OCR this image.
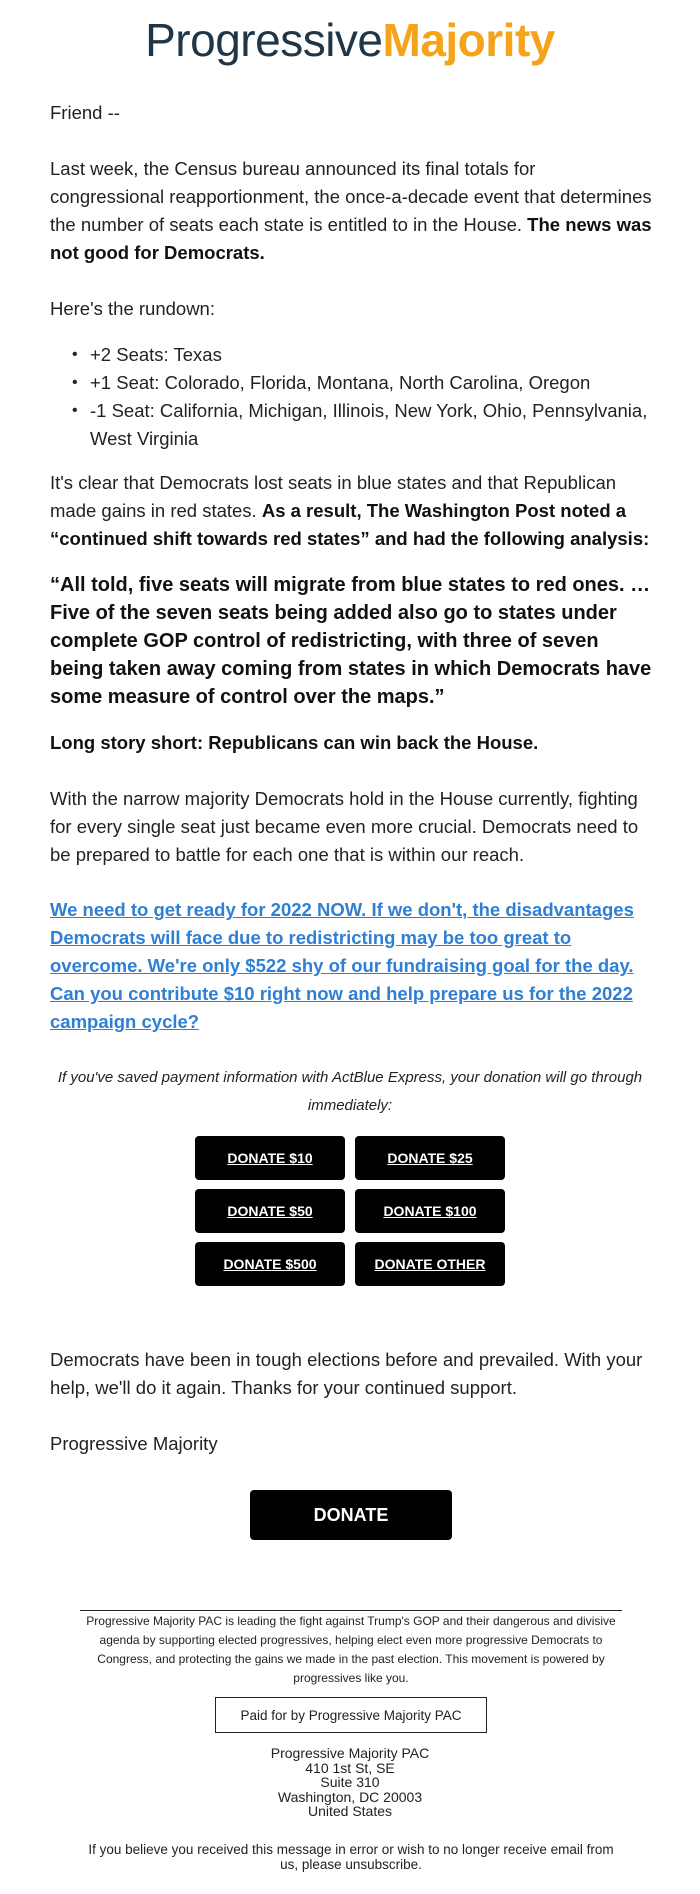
ProgressiveMajority
Friend --
Last week, the Census bureau announced its final totals for congressional reapportionment, the once-a-decade event that determines the number of seats each state is entitled to in the House. The news was not good for Democrats.
Here's the rundown:
• +2 Seats: Texas
• +1 Seat: Colorado, Florida, Montana, North Carolina, Oregon
• -1 Seat: California, Michigan, Illinois, New York, Ohio, Pennsylvania, West Virginia
It's clear that Democrats lost seats in blue states and that Republican made gains in red states. As a result, The Washington Post noted a “continued shift towards red states” and had the following analysis:
“All told, five seats will migrate from blue states to red ones. … Five of the seven seats being added also go to states under complete GOP control of redistricting, with three of seven being taken away coming from states in which Democrats have some measure of control over the maps.”
Long story short: Republicans can win back the House.
With the narrow majority Democrats hold in the House currently, fighting for every single seat just became even more crucial. Democrats need to be prepared to battle for each one that is within our reach.
We need to get ready for 2022 NOW. If we don't, the disadvantages Democrats will face due to redistricting may be too great to overcome. We're only $522 shy of our fundraising goal for the day. Can you contribute $10 right now and help prepare us for the 2022 campaign cycle?
If you've saved payment information with ActBlue Express, your donation will go through immediately:
DONATE $10	DONATE $25
DONATE $50	DONATE $100
DONATE $500	DONATE OTHER
Democrats have been in tough elections before and prevailed. With your help, we'll do it again. Thanks for your continued support.
Progressive Majority
DONATE
Progressive Majority PAC is leading the fight against Trump's GOP and their dangerous and divisive agenda by supporting elected progressives, helping elect even more progressive Democrats to Congress, and protecting the gains we made in the past election. This movement is powered by progressives like you.
Paid for by Progressive Majority PAC
Progressive Majority PAC
410 1st St, SE
Suite 310
Washington, DC 20003
United States
If you believe you received this message in error or wish to no longer receive email from us, please unsubscribe.
